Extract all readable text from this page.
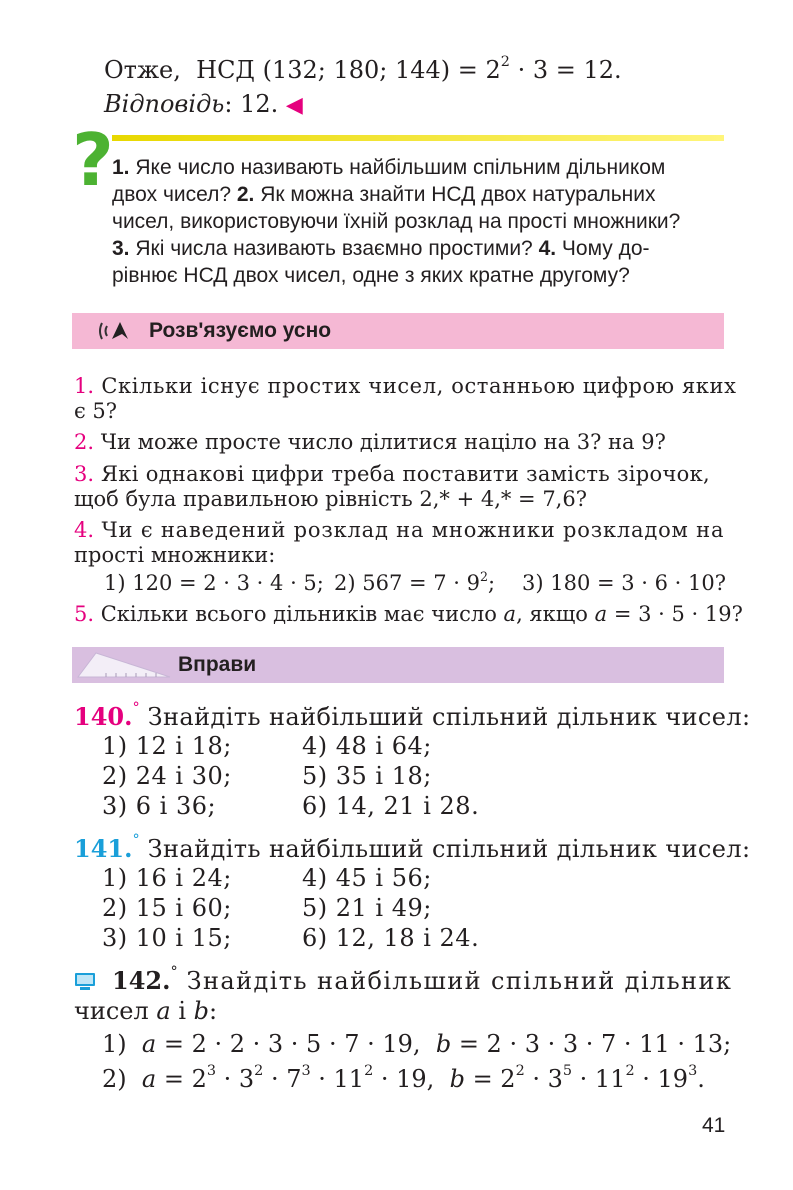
Отже, НСД (132; 180; $144) = 2^2 \cdot 3 = 12$.
Відповідь: 12. ◀
?
1. Яке число називають найбільшим спільним дільником
двох чисел? 2. Як можна знайти НСД двох натуральних
чисел, використовуючи їхній розклад на прості множники?
3. Які числа називають взаємно простими? 4. Чому до-
рівнює НСД двох чисел, одне з яких кратне другому?
Розв'язуємо усно
1. Скільки існує простих чисел, останньою цифрою яких
є 5?
2. Чи може просте число ділитися націло на 3? на 9?
3. Які однакові цифри треба поставити замість зірочок,
щоб була правильною рівність 2,* + 4,* = 7,6?
4. Чи є наведений розклад на множники розкладом на
прості множники:
1) 120 = 2 · 3 · 4 · 5; 2) $567 = 7 \cdot 9^2$; 3) 180 = 3 · 6 · 10?
5. Скільки всього дільників має число a, якщо a = 3 · 5 · 19?
Вправи
140.° Знайдіть найбільший спільний дільник чисел:
1) 12 і 18;	4) 48 і 64;
2) 24 і 30;	5) 35 і 18;
3) 6 і 36;	6) 14, 21 і 28.
141.° Знайдіть найбільший спільний дільник чисел:
1) 16 і 24;	4) 45 і 56;
2) 15 і 60;	5) 21 і 49;
3) 10 і 15;	6) 12, 18 і 24.
142.° Знайдіть найбільший спільний дільник
чисел a і b:
1) a = 2 · 2 · 3 · 5 · 7 · 19, b = 2 · 3 · 3 · 7 · 11 · 13;
2) $a = 2^3 \cdot 3^2 \cdot 7^3 \cdot 11^2 \cdot 19$, $b = 2^2 \cdot 3^5 \cdot 11^2 \cdot 19^3$.
41
